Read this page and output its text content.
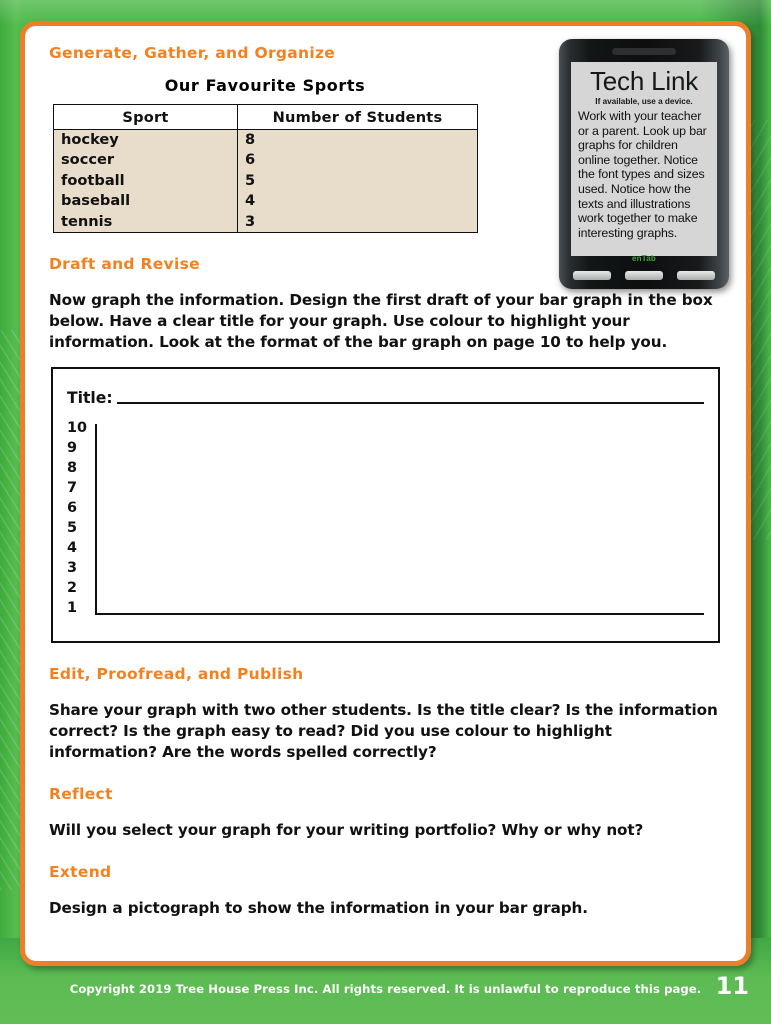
Tech Link
If available, use a device.
Work with your teacher or a parent. Look up bar graphs for children online together. Notice the font types and sizes used. Notice how the texts and illustrations work together to make interesting graphs.
enTab
Generate, Gather, and Organize
Our Favourite Sports
Sport	Number of Students
hockey	8
soccer	6
football	5
baseball	4
tennis	3
Draft and Revise
Now graph the information. Design the first draft of your bar graph in the box below. Have a clear title for your graph. Use colour to highlight your information. Look at the format of the bar graph on page 10 to help you.
Title:
10
9
8
7
6
5
4
3
2
1
Edit, Proofread, and Publish
Share your graph with two other students. Is the title clear? Is the information correct? Is the graph easy to read? Did you use colour to highlight information? Are the words spelled correctly?
Reflect
Will you select your graph for your writing portfolio? Why or why not?
Extend
Design a pictograph to show the information in your bar graph.
Copyright 2019 Tree House Press Inc. All rights reserved. It is unlawful to reproduce this page. 11
